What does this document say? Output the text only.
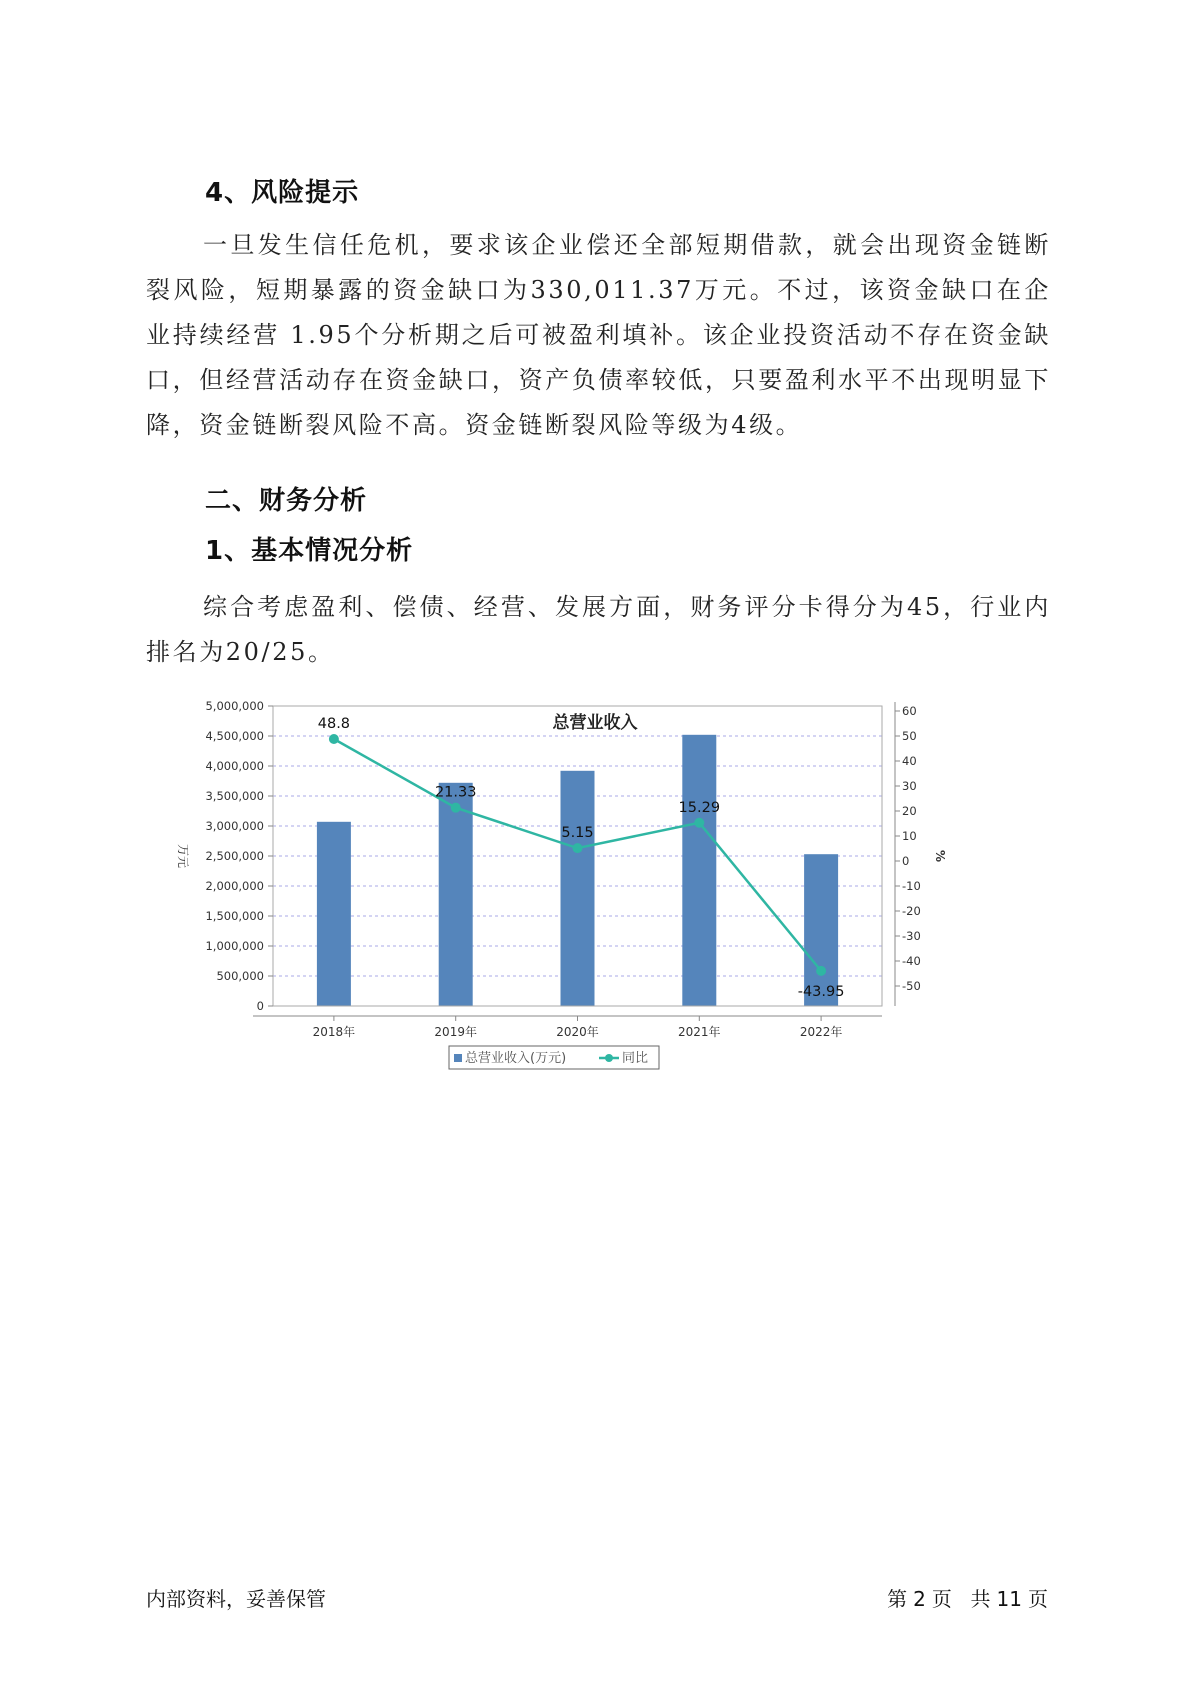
4、风险提示

一旦发生信任危机，要求该企业偿还全部短期借款，就会出现资金链断裂风险，短期暴露的资金缺口为330,011.37万元。不过，该资金缺口在企业持续经营 1.95个分析期之后可被盈利填补。该企业投资活动不存在资金缺口，但经营活动存在资金缺口，资产负债率较低，只要盈利水平不出现明显下降，资金链断裂风险不高。资金链断裂风险等级为4级。

二、财务分析
1、基本情况分析

综合考虑盈利、偿债、经营、发展方面，财务评分卡得分为45，行业内排名为20/25。

总营业收入
48.8
21.33
5.15
15.29
-43.95
0
500,000
1,000,000
1,500,000
2,000,000
2,500,000
3,000,000
3,500,000
4,000,000
4,500,000
5,000,000
-50
-40
-30
-20
-10
0
10
20
30
40
50
60
万元	%
2018年	2019年	2020年	2021年	2022年
总营业收入(万元)	同比
内部资料，妥善保管	第 2 页 共 11 页
